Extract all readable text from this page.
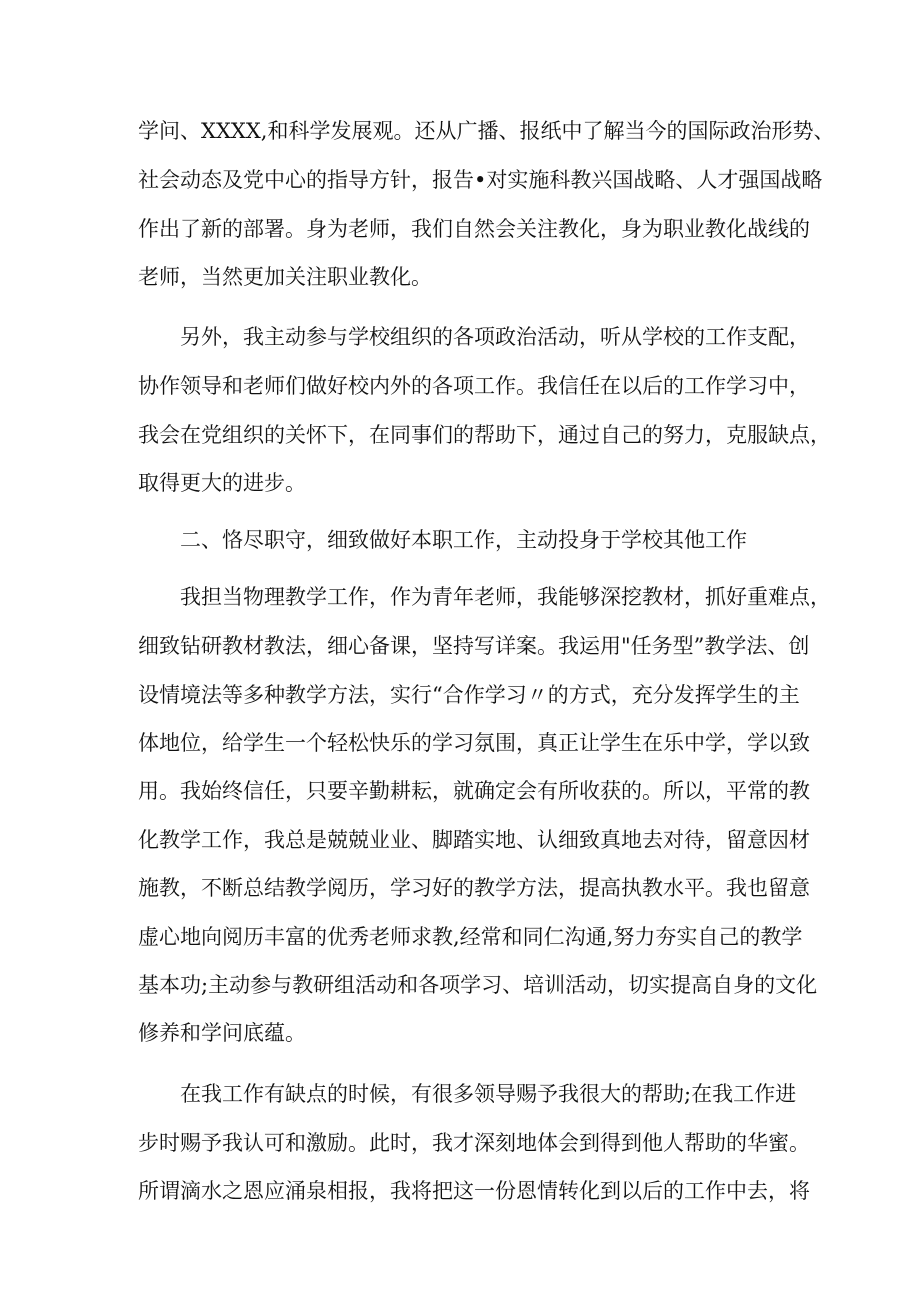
学问、XXXX,和科学发展观。还从广播、报纸中了解当今的国际政治形势、
社会动态及党中心的指导方针，报告•对实施科教兴国战略、人才强国战略
作出了新的部署。身为老师，我们自然会关注教化，身为职业教化战线的
老师，当然更加关注职业教化。
另外，我主动参与学校组织的各项政治活动，听从学校的工作支配，
协作领导和老师们做好校内外的各项工作。我信任在以后的工作学习中，
我会在党组织的关怀下，在同事们的帮助下，通过自己的努力，克服缺点，
取得更大的进步。
二、恪尽职守，细致做好本职工作，主动投身于学校其他工作
我担当物理教学工作，作为青年老师，我能够深挖教材，抓好重难点，
细致钻研教材教法，细心备课，坚持写详案。我运用"任务型”教学法、创
设情境法等多种教学方法，实行“合作学习〃的方式，充分发挥学生的主
体地位，给学生一个轻松快乐的学习氛围，真正让学生在乐中学，学以致
用。我始终信任，只要辛勤耕耘，就确定会有所收获的。所以，平常的教
化教学工作，我总是兢兢业业、脚踏实地、认细致真地去对待，留意因材
施教，不断总结教学阅历，学习好的教学方法，提高执教水平。我也留意
虚心地向阅历丰富的优秀老师求教,经常和同仁沟通,努力夯实自己的教学
基本功;主动参与教研组活动和各项学习、培训活动，切实提高自身的文化
修养和学问底蕴。
在我工作有缺点的时候，有很多领导赐予我很大的帮助;在我工作进
步时赐予我认可和激励。此时，我才深刻地体会到得到他人帮助的华蜜。
所谓滴水之恩应涌泉相报，我将把这一份恩情转化到以后的工作中去，将
